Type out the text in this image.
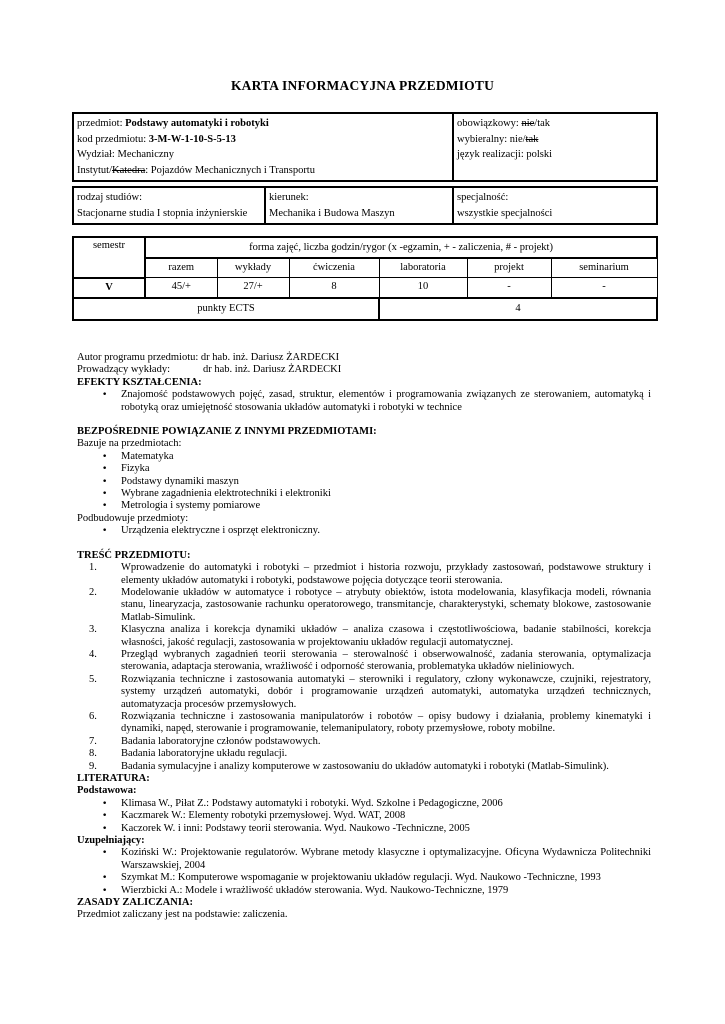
KARTA INFORMACYJNA PRZEDMIOTU
przedmiot: Podstawy automatyki i robotyki
kod przedmiotu: 3-M-W-1-10-S-5-13
Wydział: Mechaniczny
Instytut/Katedra: Pojazdów Mechanicznych i Transportu

obowiązkowy: nie/tak
wybieralny: nie/tak
język realizacji: polski
rodzaj studiów:
Stacjonarne studia I stopnia inżynierskie

kierunek:
Mechanika i Budowa Maszyn

specjalność:
wszystkie specjalności
semestr	forma zajęć, liczba godzin/rygor (x -egzamin, + - zaliczenia, # - projekt)					
	razem	wykłady	ćwiczenia	laboratoria	projekt	seminarium
V	45/+	27/+	8	10	-	-
punkty ECTS				4		

Autor programu przedmiotu: dr hab. inż. Dariusz ŻARDECKI

Prowadzący wykłady:	dr hab. inż. Dariusz ŻARDECKI

EFEKTY KSZTAŁCENIA:

• Znajomość podstawowych pojęć, zasad, struktur, elementów i programowania związanych ze sterowaniem, automatyką i robotyką oraz umiejętność stosowania układów automatyki i robotyki w technice

BEZPOŚREDNIE POWIĄZANIE Z INNYMI PRZEDMIOTAMI:

Bazuje na przedmiotach:

• Matematyka
• Fizyka
• Podstawy dynamiki maszyn
• Wybrane zagadnienia elektrotechniki i elektroniki
• Metrologia i systemy pomiarowe

Podbudowuje przedmioty:

• Urządzenia elektryczne i osprzęt elektroniczny.

TREŚĆ PRZEDMIOTU:

1. Wprowadzenie do automatyki i robotyki – przedmiot i historia rozwoju, przykłady zastosowań, podstawowe struktury i elementy układów automatyki i robotyki, podstawowe pojęcia dotyczące teorii sterowania.
2. Modelowanie układów w automatyce i robotyce – atrybuty obiektów, istota modelowania, klasyfikacja modeli, równania stanu, linearyzacja, zastosowanie rachunku operatorowego, transmitancje, charakterystyki, schematy blokowe, zastosowanie Matlab-Simulink.
3. Klasyczna analiza i korekcja dynamiki układów – analiza czasowa i częstotliwościowa, badanie stabilności, korekcja własności, jakość regulacji, zastosowania w projektowaniu układów regulacji automatycznej.
4. Przegląd wybranych zagadnień teorii sterowania – sterowalność i obserwowalność, zadania sterowania, optymalizacja sterowania, adaptacja sterowania, wrażliwość i odporność sterowania, problematyka układów nieliniowych.
5. Rozwiązania techniczne i zastosowania automatyki – sterowniki i regulatory, człony wykonawcze, czujniki, rejestratory, systemy urządzeń automatyki, dobór i programowanie urządzeń automatyki, automatyka urządzeń technicznych, automatyzacja procesów przemysłowych.
6. Rozwiązania techniczne i zastosowania manipulatorów i robotów – opisy budowy i działania, problemy kinematyki i dynamiki, napęd, sterowanie i programowanie, telemanipulatory, roboty przemysłowe, roboty mobilne.
7. Badania laboratoryjne członów podstawowych.
8. Badania laboratoryjne układu regulacji.
9. Badania symulacyjne i analizy komputerowe w zastosowaniu do układów automatyki i robotyki (Matlab-Simulink).

LITERATURA:

Podstawowa:

• Klimasa W., Piłat Z.: Podstawy automatyki i robotyki. Wyd. Szkolne i Pedagogiczne, 2006
• Kaczmarek W.: Elementy robotyki przemysłowej. Wyd. WAT, 2008
• Kaczorek W. i inni: Podstawy teorii sterowania. Wyd. Naukowo -Techniczne, 2005

Uzupełniający:

• Koziński W.: Projektowanie regulatorów. Wybrane metody klasyczne i optymalizacyjne. Oficyna Wydawnicza Politechniki Warszawskiej, 2004
• Szymkat M.: Komputerowe wspomaganie w projektowaniu układów regulacji. Wyd. Naukowo -Techniczne, 1993
• Wierzbicki A.: Modele i wrażliwość układów sterowania. Wyd. Naukowo-Techniczne, 1979

ZASADY ZALICZANIA:

Przedmiot zaliczany jest na podstawie: zaliczenia.
